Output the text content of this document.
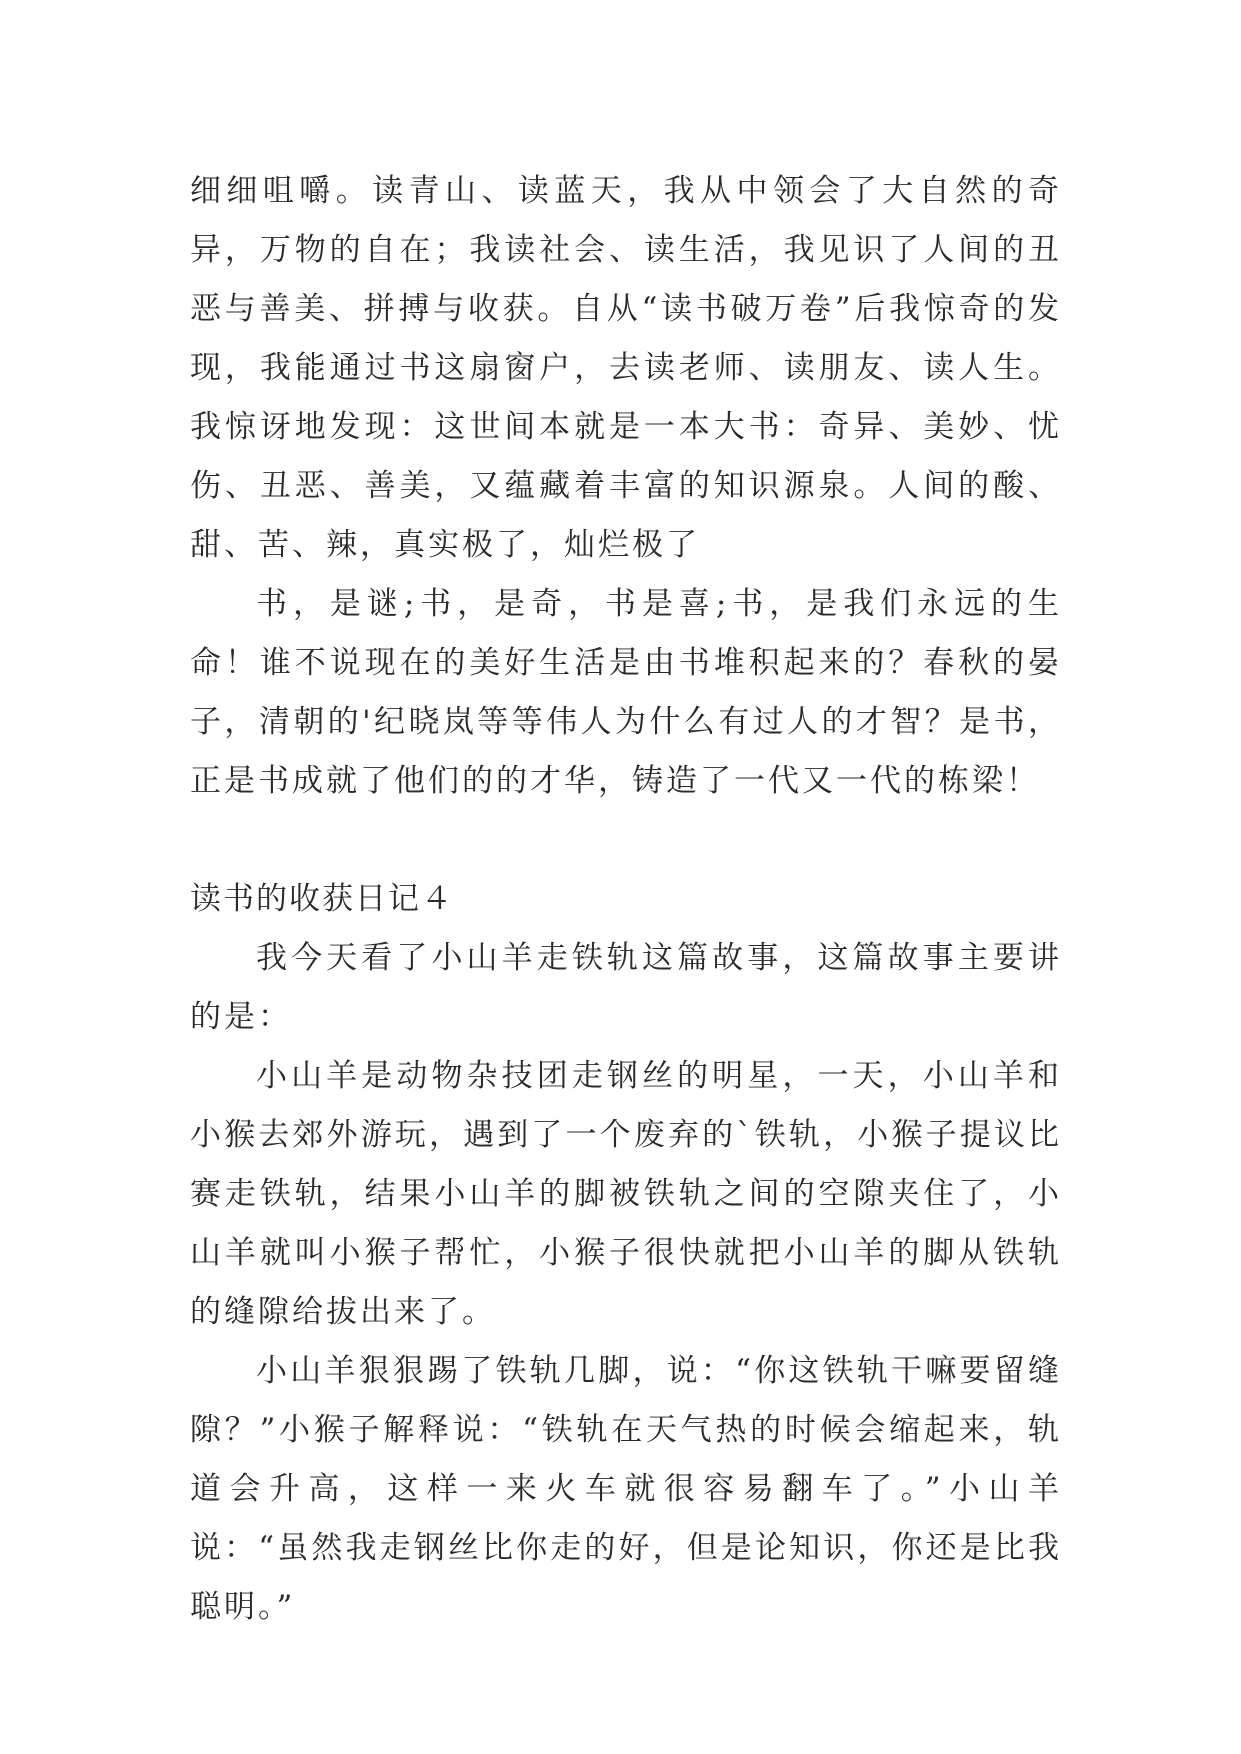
细细咀嚼。读青山、读蓝天，我从中领会了大自然的奇异，万物的自在；我读社会、读生活，我见识了人间的丑恶与善美、拼搏与收获。自从“读书破万卷”后我惊奇的发现，我能通过书这扇窗户，去读老师、读朋友、读人生。我惊讶地发现：这世间本就是一本大书：奇异、美妙、忧伤、丑恶、善美，又蕴藏着丰富的知识源泉。人间的酸、甜、苦、辣，真实极了，灿烂极了

书，是谜;书，是奇，书是喜;书，是我们永远的生命！谁不说现在的美好生活是由书堆积起来的？春秋的晏子，清朝的'纪晓岚等等伟人为什么有过人的才智？是书，正是书成就了他们的的才华，铸造了一代又一代的栋梁！

读书的收获日记４

我今天看了小山羊走铁轨这篇故事，这篇故事主要讲的是：

小山羊是动物杂技团走钢丝的明星，一天，小山羊和小猴去郊外游玩，遇到了一个废弃的`铁轨，小猴子提议比赛走铁轨，结果小山羊的脚被铁轨之间的空隙夹住了，小山羊就叫小猴子帮忙，小猴子很快就把小山羊的脚从铁轨的缝隙给拔出来了。

小山羊狠狠踢了铁轨几脚，说：“你这铁轨干嘛要留缝隙？”小猴子解释说：“铁轨在天气热的时候会缩起来，轨道会升高，这样一来火车就很容易翻车了。”小山羊说：“虽然我走钢丝比你走的好，但是论知识，你还是比我聪明。”
